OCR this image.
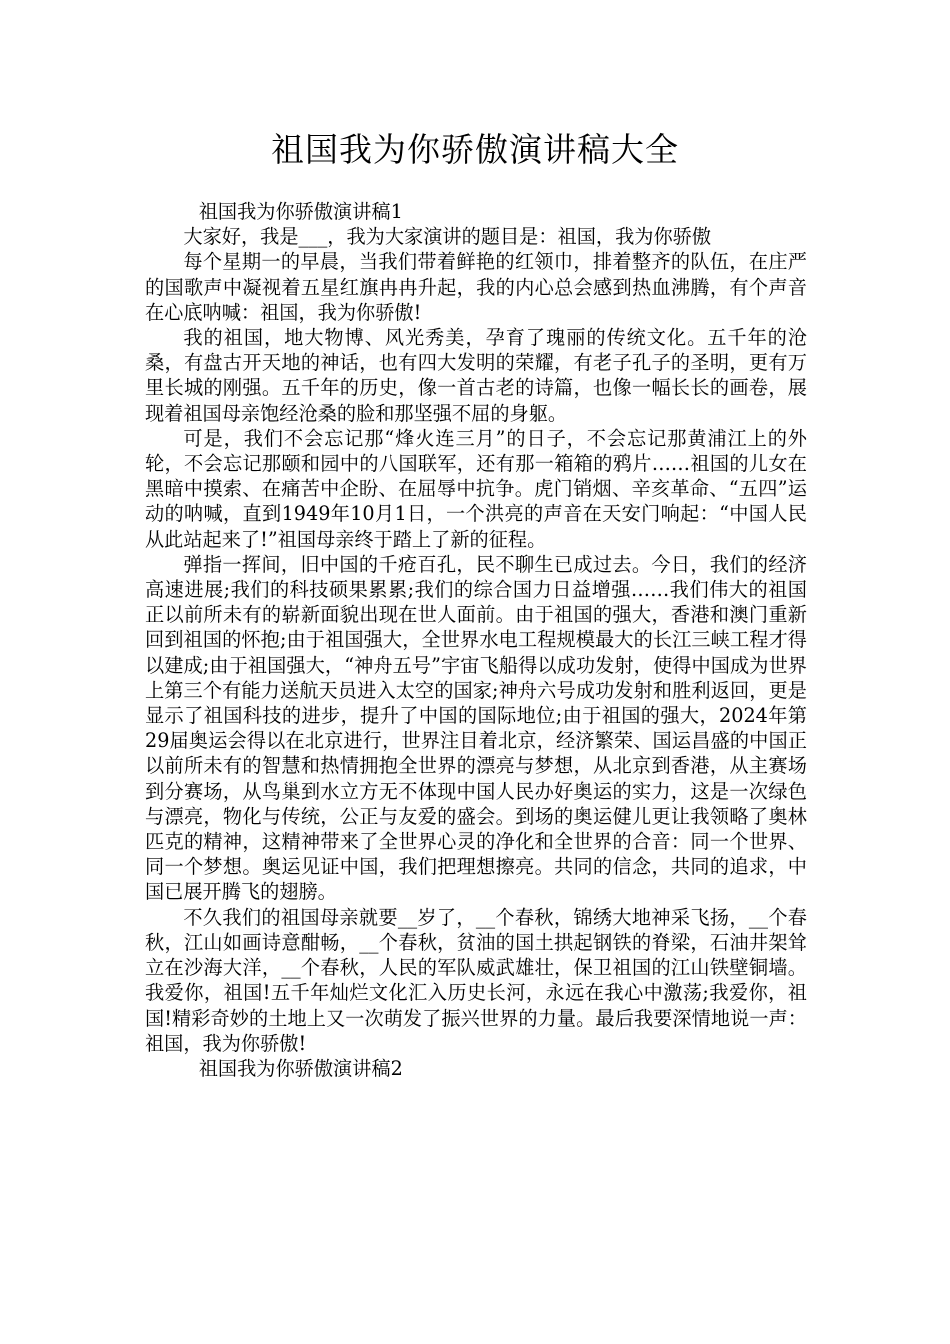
祖国我为你骄傲演讲稿大全

祖国我为你骄傲演讲稿1

大家好，我是___，我为大家演讲的题目是：祖国，我为你骄傲

每个星期一的早晨，当我们带着鲜艳的红领巾，排着整齐的队伍，在庄严的国歌声中凝视着五星红旗冉冉升起，我的内心总会感到热血沸腾，有个声音在心底呐喊：祖国，我为你骄傲!

我的祖国，地大物博、风光秀美，孕育了瑰丽的传统文化。五千年的沧桑，有盘古开天地的神话，也有四大发明的荣耀，有老子孔子的圣明，更有万里长城的刚强。五千年的历史，像一首古老的诗篇，也像一幅长长的画卷，展现着祖国母亲饱经沧桑的脸和那坚强不屈的身躯。

可是，我们不会忘记那“烽火连三月”的日子，不会忘记那黄浦江上的外轮，不会忘记那颐和园中的八国联军，还有那一箱箱的鸦片……祖国的儿女在黑暗中摸索、在痛苦中企盼、在屈辱中抗争。虎门销烟、辛亥革命、“五四”运动的呐喊，直到1949年10月1日，一个洪亮的声音在天安门响起：“中国人民从此站起来了!”祖国母亲终于踏上了新的征程。

弹指一挥间，旧中国的千疮百孔，民不聊生已成过去。今日，我们的经济高速进展;我们的科技硕果累累;我们的综合国力日益增强……我们伟大的祖国正以前所未有的崭新面貌出现在世人面前。由于祖国的强大，香港和澳门重新回到祖国的怀抱;由于祖国强大，全世界水电工程规模最大的长江三峡工程才得以建成;由于祖国强大，“神舟五号”宇宙飞船得以成功发射，使得中国成为世界上第三个有能力送航天员进入太空的国家;神舟六号成功发射和胜利返回，更是显示了祖国科技的进步，提升了中国的国际地位;由于祖国的强大，2024年第29届奥运会得以在北京进行，世界注目着北京，经济繁荣、国运昌盛的中国正以前所未有的智慧和热情拥抱全世界的漂亮与梦想，从北京到香港，从主赛场到分赛场，从鸟巢到水立方无不体现中国人民办好奥运的实力，这是一次绿色与漂亮，物化与传统，公正与友爱的盛会。到场的奥运健儿更让我领略了奥林匹克的精神，这精神带来了全世界心灵的净化和全世界的合音：同一个世界、同一个梦想。奥运见证中国，我们把理想擦亮。共同的信念，共同的追求，中国已展开腾飞的翅膀。

不久我们的祖国母亲就要__岁了，__个春秋，锦绣大地神采飞扬，__个春秋，江山如画诗意酣畅，__个春秋，贫油的国土拱起钢铁的脊梁，石油井架耸立在沙海大洋，__个春秋，人民的军队威武雄壮，保卫祖国的江山铁壁铜墙。我爱你，祖国!五千年灿烂文化汇入历史长河，永远在我心中激荡;我爱你，祖国!精彩奇妙的土地上又一次萌发了振兴世界的力量。最后我要深情地说一声：祖国，我为你骄傲!

祖国我为你骄傲演讲稿2
